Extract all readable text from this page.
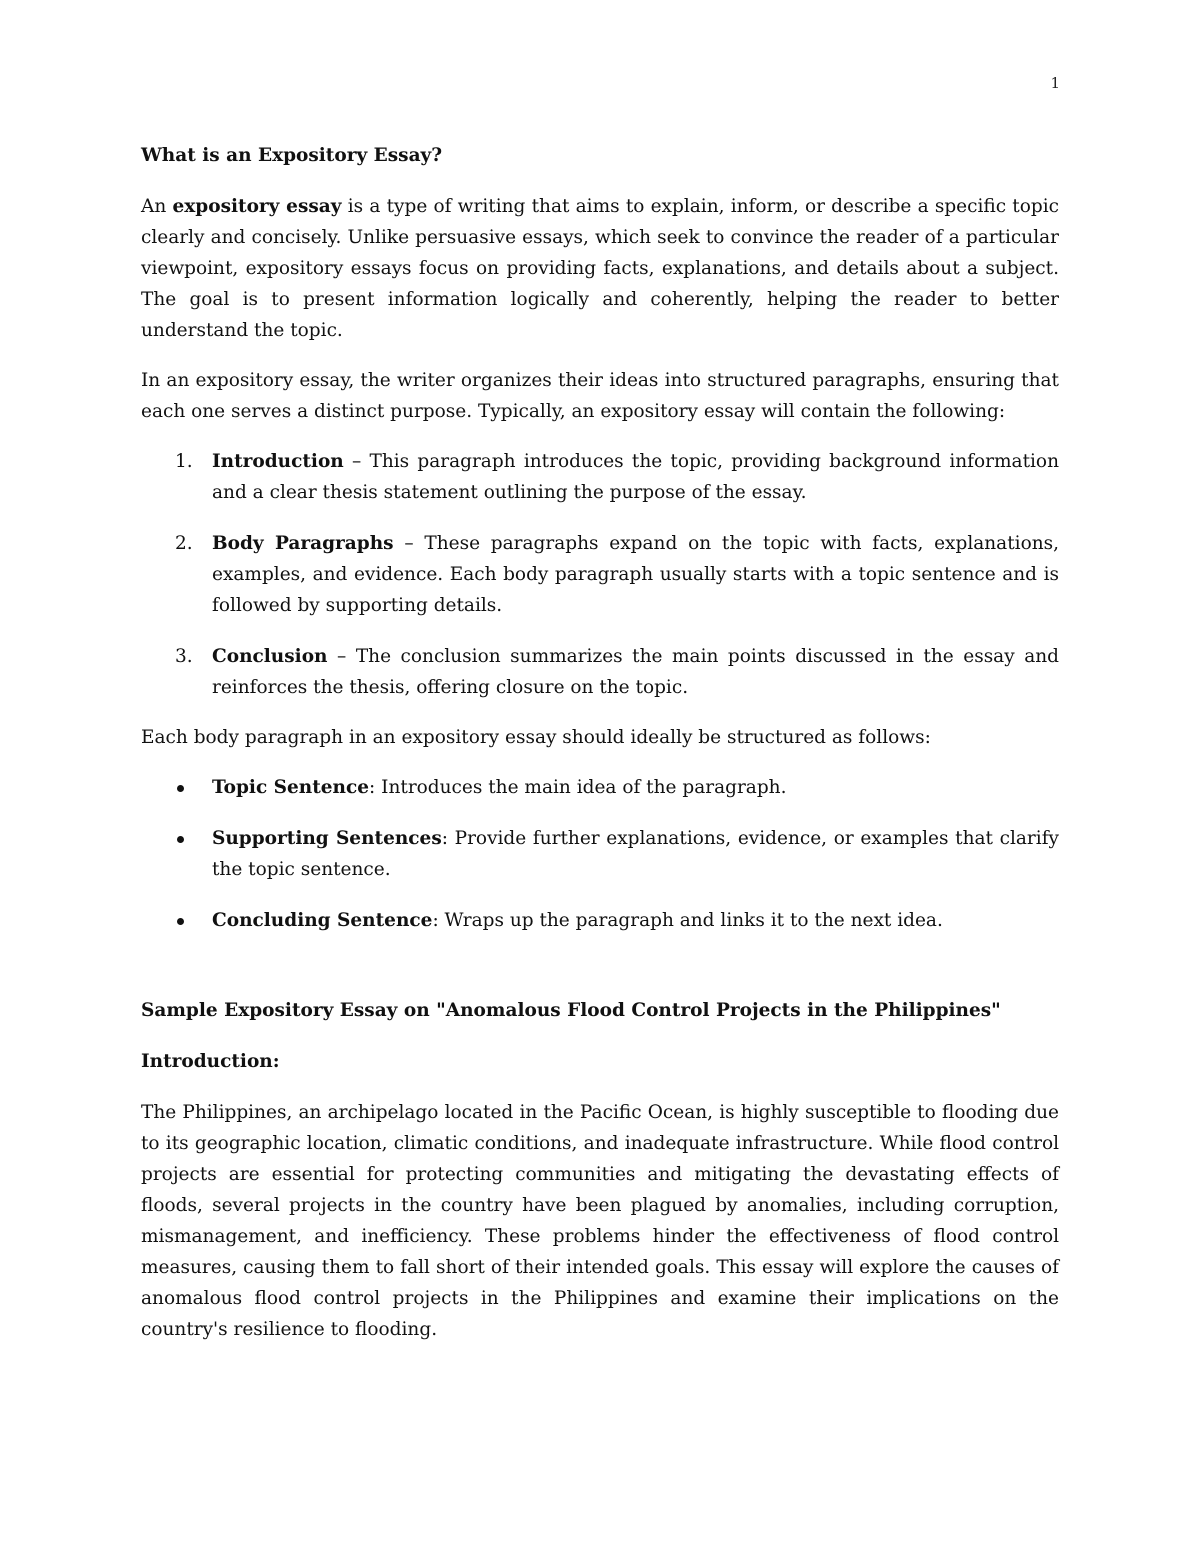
1

What is an Expository Essay?

An expository essay is a type of writing that aims to explain, inform, or describe a specific topic clearly and concisely. Unlike persuasive essays, which seek to convince the reader of a particular viewpoint, expository essays focus on providing facts, explanations, and details about a subject. The goal is to present information logically and coherently, helping the reader to better understand the topic.

In an expository essay, the writer organizes their ideas into structured paragraphs, ensuring that each one serves a distinct purpose. Typically, an expository essay will contain the following:

1. Introduction – This paragraph introduces the topic, providing background information and a clear thesis statement outlining the purpose of the essay.
2. Body Paragraphs – These paragraphs expand on the topic with facts, explanations, examples, and evidence. Each body paragraph usually starts with a topic sentence and is followed by supporting details.
3. Conclusion – The conclusion summarizes the main points discussed in the essay and reinforces the thesis, offering closure on the topic.

Each body paragraph in an expository essay should ideally be structured as follows:

Topic Sentence: Introduces the main idea of the paragraph.
Supporting Sentences: Provide further explanations, evidence, or examples that clarify the topic sentence.
Concluding Sentence: Wraps up the paragraph and links it to the next idea.

Sample Expository Essay on "Anomalous Flood Control Projects in the Philippines"

Introduction:

The Philippines, an archipelago located in the Pacific Ocean, is highly susceptible to flooding due to its geographic location, climatic conditions, and inadequate infrastructure. While flood control projects are essential for protecting communities and mitigating the devastating effects of floods, several projects in the country have been plagued by anomalies, including corruption, mismanagement, and inefficiency. These problems hinder the effectiveness of flood control measures, causing them to fall short of their intended goals. This essay will explore the causes of anomalous flood control projects in the Philippines and examine their implications on the country's resilience to flooding.
